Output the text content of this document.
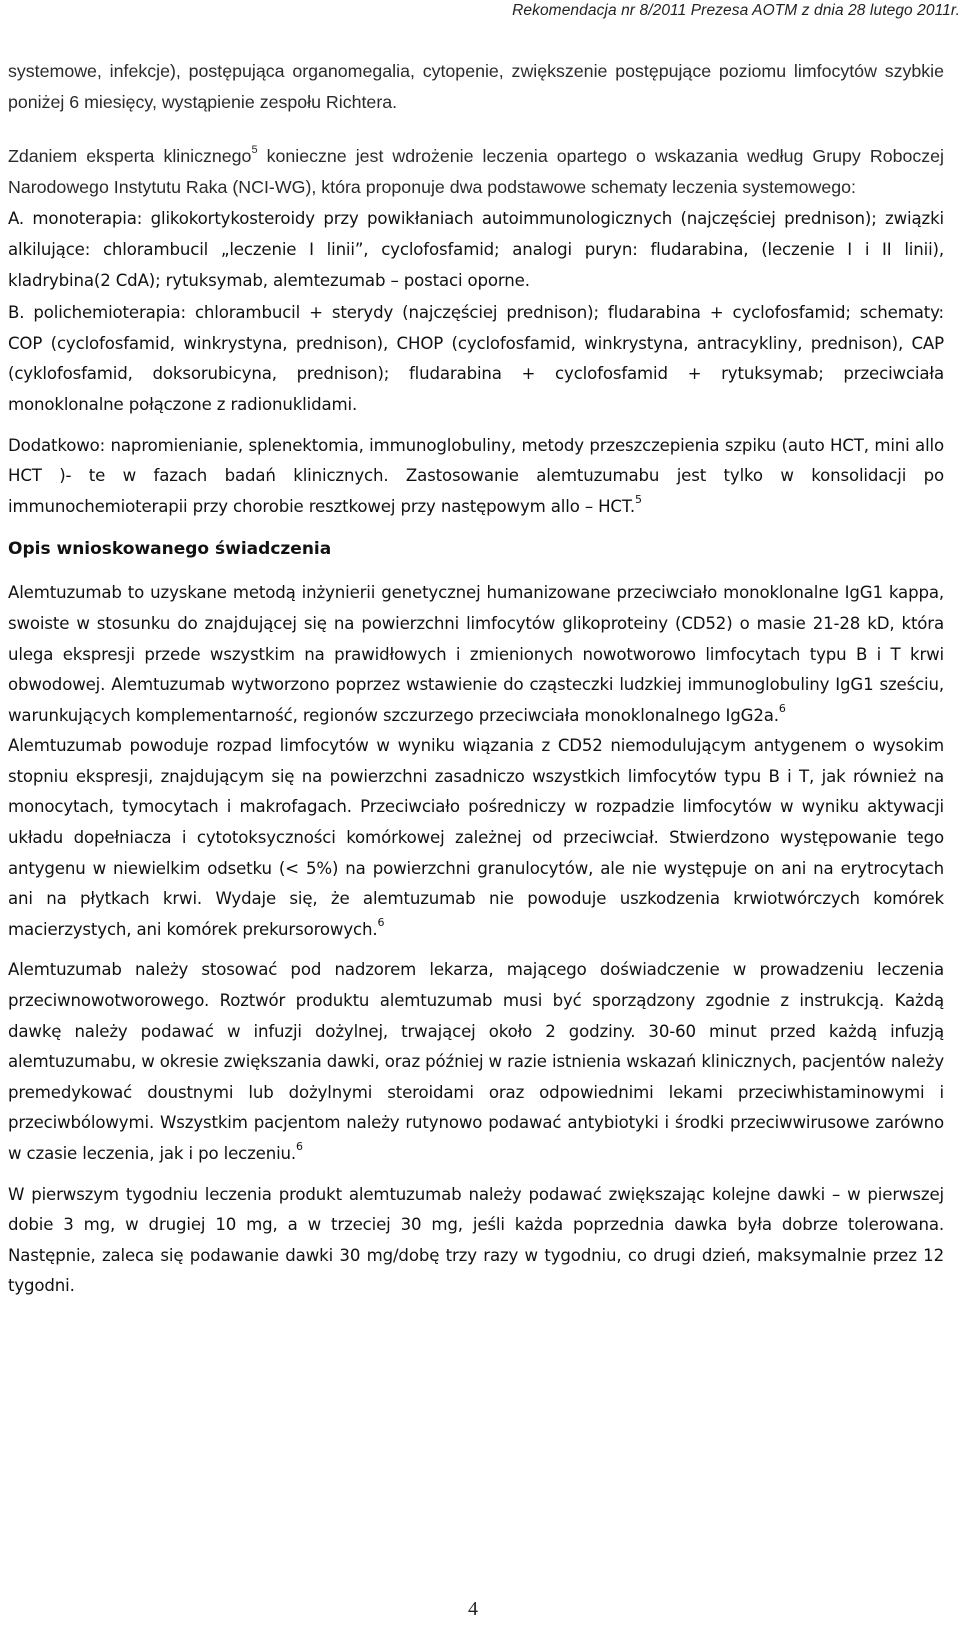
Rekomendacja nr 8/2011 Prezesa AOTM z dnia 28 lutego 2011r.

systemowe, infekcje), postępująca organomegalia, cytopenie, zwiększenie postępujące poziomu limfocytów szybkie poniżej 6 miesięcy, wystąpienie zespołu Richtera.

Zdaniem eksperta klinicznego$^5$ konieczne jest wdrożenie leczenia opartego o wskazania według Grupy Roboczej Narodowego Instytutu Raka (NCI-WG), która proponuje dwa podstawowe schematy leczenia systemowego:

A. monoterapia: glikokortykosteroidy przy powikłaniach autoimmunologicznych (najczęściej prednison); związki alkilujące: chlorambucil „leczenie I linii”, cyclofosfamid; analogi puryn: fludarabina, (leczenie I i II linii), kladrybina(2 CdA); rytuksymab, alemtezumab – postaci oporne.

B. polichemioterapia: chlorambucil + sterydy (najczęściej prednison); fludarabina + cyclofosfamid; schematy: COP (cyclofosfamid, winkrystyna, prednison), CHOP (cyclofosfamid, winkrystyna, antracykliny, prednison), CAP (cyklofosfamid, doksorubicyna, prednison); fludarabina + cyclofosfamid + rytuksymab; przeciwciała monoklonalne połączone z radionuklidami.

Dodatkowo: napromienianie, splenektomia, immunoglobuliny, metody przeszczepienia szpiku (auto HCT, mini allo HCT )- te w fazach badań klinicznych. Zastosowanie alemtuzumabu jest tylko w konsolidacji po immunochemioterapii przy chorobie resztkowej przy następowym allo – HCT.$^5$

Opis wnioskowanego świadczenia

Alemtuzumab to uzyskane metodą inżynierii genetycznej humanizowane przeciwciało monoklonalne IgG1 kappa, swoiste w stosunku do znajdującej się na powierzchni limfocytów glikoproteiny (CD52) o masie 21-28 kD, która ulega ekspresji przede wszystkim na prawidłowych i zmienionych nowotworowo limfocytach typu B i T krwi obwodowej. Alemtuzumab wytworzono poprzez wstawienie do cząsteczki ludzkiej immunoglobuliny IgG1 sześciu, warunkujących komplementarność, regionów szczurzego przeciwciała monoklonalnego IgG2a.$^6$

Alemtuzumab powoduje rozpad limfocytów w wyniku wiązania z CD52 niemodulującym antygenem o wysokim stopniu ekspresji, znajdującym się na powierzchni zasadniczo wszystkich limfocytów typu B i T, jak również na monocytach, tymocytach i makrofagach. Przeciwciało pośredniczy w rozpadzie limfocytów w wyniku aktywacji układu dopełniacza i cytotoksyczności komórkowej zależnej od przeciwciał. Stwierdzono występowanie tego antygenu w niewielkim odsetku (< 5%) na powierzchni granulocytów, ale nie występuje on ani na erytrocytach ani na płytkach krwi. Wydaje się, że alemtuzumab nie powoduje uszkodzenia krwiotwórczych komórek macierzystych, ani komórek prekursorowych.$^6$

Alemtuzumab należy stosować pod nadzorem lekarza, mającego doświadczenie w prowadzeniu leczenia przeciwnowotworowego. Roztwór produktu alemtuzumab musi być sporządzony zgodnie z instrukcją. Każdą dawkę należy podawać w infuzji dożylnej, trwającej około 2 godziny. 30-60 minut przed każdą infuzją alemtuzumabu, w okresie zwiększania dawki, oraz później w razie istnienia wskazań klinicznych, pacjentów należy premedykować doustnymi lub dożylnymi steroidami oraz odpowiednimi lekami przeciwhistaminowymi i przeciwbólowymi. Wszystkim pacjentom należy rutynowo podawać antybiotyki i środki przeciwwirusowe zarówno w czasie leczenia, jak i po leczeniu.$^6$

W pierwszym tygodniu leczenia produkt alemtuzumab należy podawać zwiększając kolejne dawki – w pierwszej dobie 3 mg, w drugiej 10 mg, a w trzeciej 30 mg, jeśli każda poprzednia dawka była dobrze tolerowana. Następnie, zaleca się podawanie dawki 30 mg/dobę trzy razy w tygodniu, co drugi dzień, maksymalnie przez 12 tygodni.

4
